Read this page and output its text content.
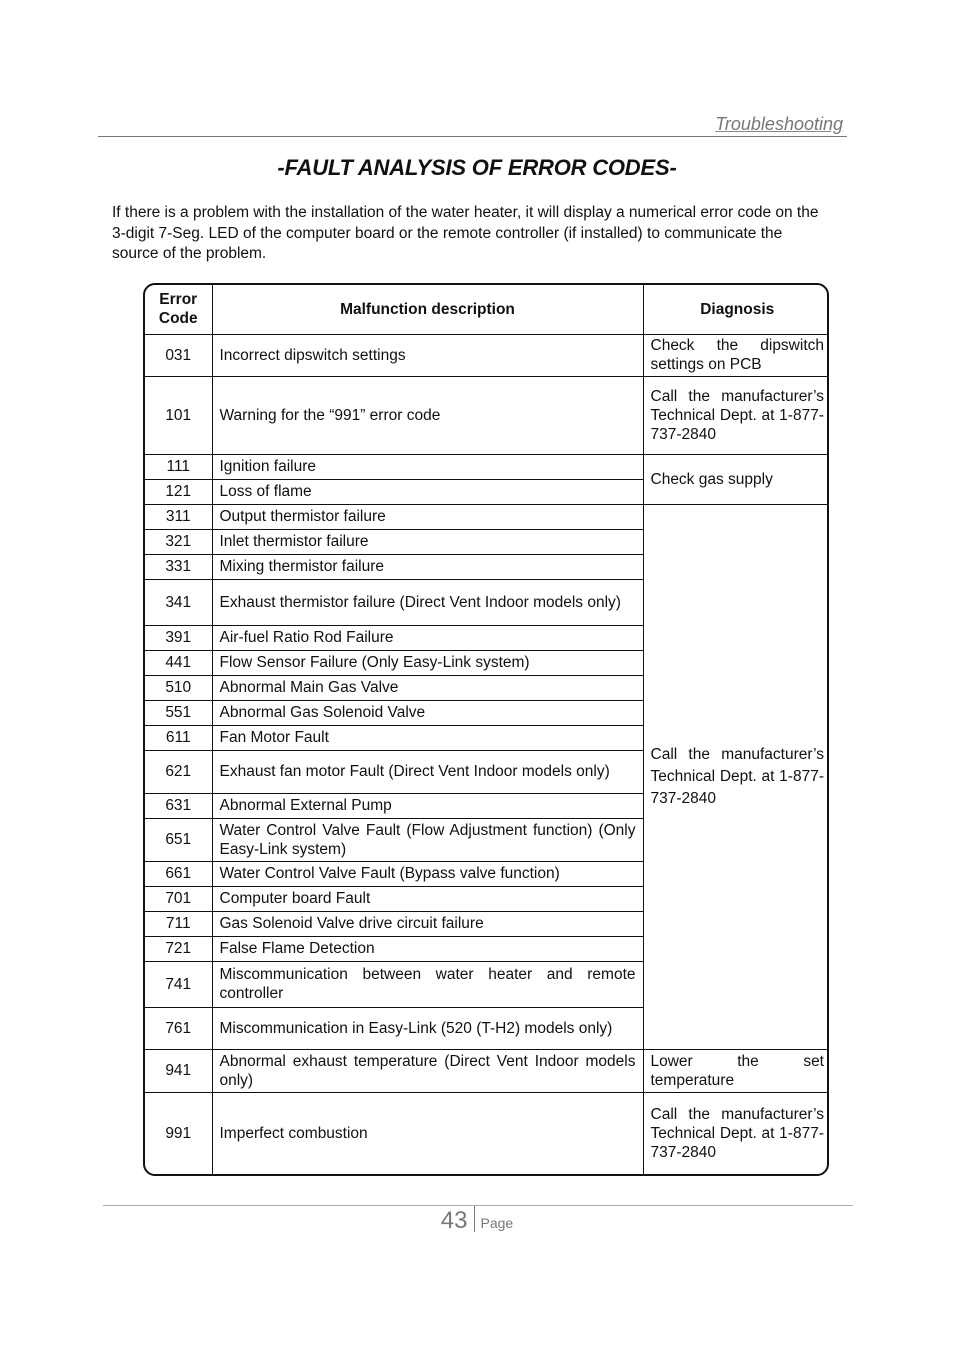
Troubleshooting
-FAULT ANALYSIS OF ERROR CODES-
If there is a problem with the installation of the water heater, it will display a numerical error code on the 3-digit 7-Seg. LED of the computer board or the remote controller (if installed) to communicate the source of the problem.
Error
Code	Malfunction description	Diagnosis
031	Incorrect dipswitch settings	Check the dipswitch settings on PCB
101	Warning for the “991” error code	Call the manufacturer’s Technical Dept. at 1-877-737-2840
111	Ignition failure	Check gas supply
121	Loss of flame	
311	Output thermistor failure	Call the manufacturer’s Technical Dept. at 1-877-737-2840
321	Inlet thermistor failure	
331	Mixing thermistor failure	
341	Exhaust thermistor failure (Direct Vent Indoor models only)	
391	Air-fuel Ratio Rod Failure	
441	Flow Sensor Failure (Only Easy-Link system)	
510	Abnormal Main Gas Valve	
551	Abnormal Gas Solenoid Valve	
611	Fan Motor Fault	
621	Exhaust fan motor Fault (Direct Vent Indoor models only)	
631	Abnormal External Pump	
651	Water Control Valve Fault (Flow Adjustment function) (Only Easy-Link system)	
661	Water Control Valve Fault (Bypass valve function)	
701	Computer board Fault	
711	Gas Solenoid Valve drive circuit failure	
721	False Flame Detection	
741	Miscommunication between water heater and remote controller	
761	Miscommunication in Easy-Link (520 (T-H2) models only)	
941	Abnormal exhaust temperature (Direct Vent Indoor models only)	Lower the set temperature
991	Imperfect combustion	Call the manufacturer’s Technical Dept. at 1-877-737-2840
43 Page
